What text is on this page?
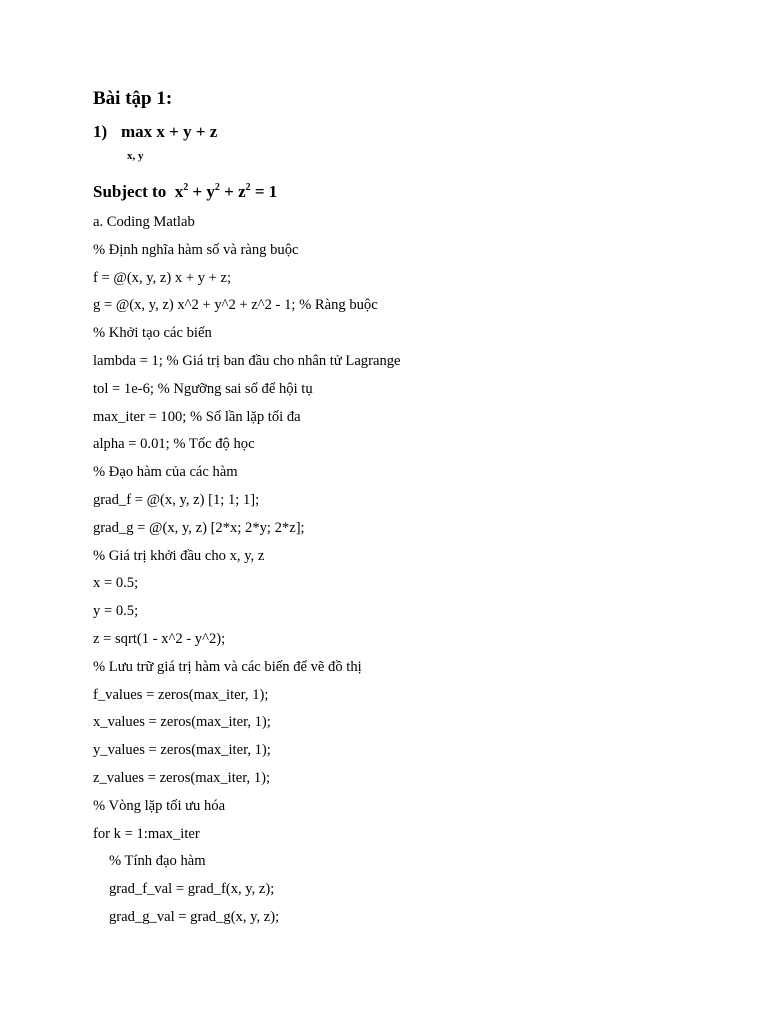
Bài tập 1:
1) max x + y + z
x, y
Subject to $x^2 + y^2 + z^2 = 1$
a. Coding Matlab
% Định nghĩa hàm số và ràng buộc
f = @(x, y, z) x + y + z;
g = @(x, y, z) x^2 + y^2 + z^2 - 1; % Ràng buộc
% Khởi tạo các biến
lambda = 1; % Giá trị ban đầu cho nhân tử Lagrange
tol = 1e-6; % Ngưỡng sai số để hội tụ
max_iter = 100; % Số lần lặp tối đa
alpha = 0.01; % Tốc độ học
% Đạo hàm của các hàm
grad_f = @(x, y, z) [1; 1; 1];
grad_g = @(x, y, z) [2*x; 2*y; 2*z];
% Giá trị khởi đầu cho x, y, z
x = 0.5;
y = 0.5;
z = sqrt(1 - x^2 - y^2);
% Lưu trữ giá trị hàm và các biến để vẽ đồ thị
f_values = zeros(max_iter, 1);
x_values = zeros(max_iter, 1);
y_values = zeros(max_iter, 1);
z_values = zeros(max_iter, 1);
% Vòng lặp tối ưu hóa
for k = 1:max_iter
% Tính đạo hàm
grad_f_val = grad_f(x, y, z);
grad_g_val = grad_g(x, y, z);
